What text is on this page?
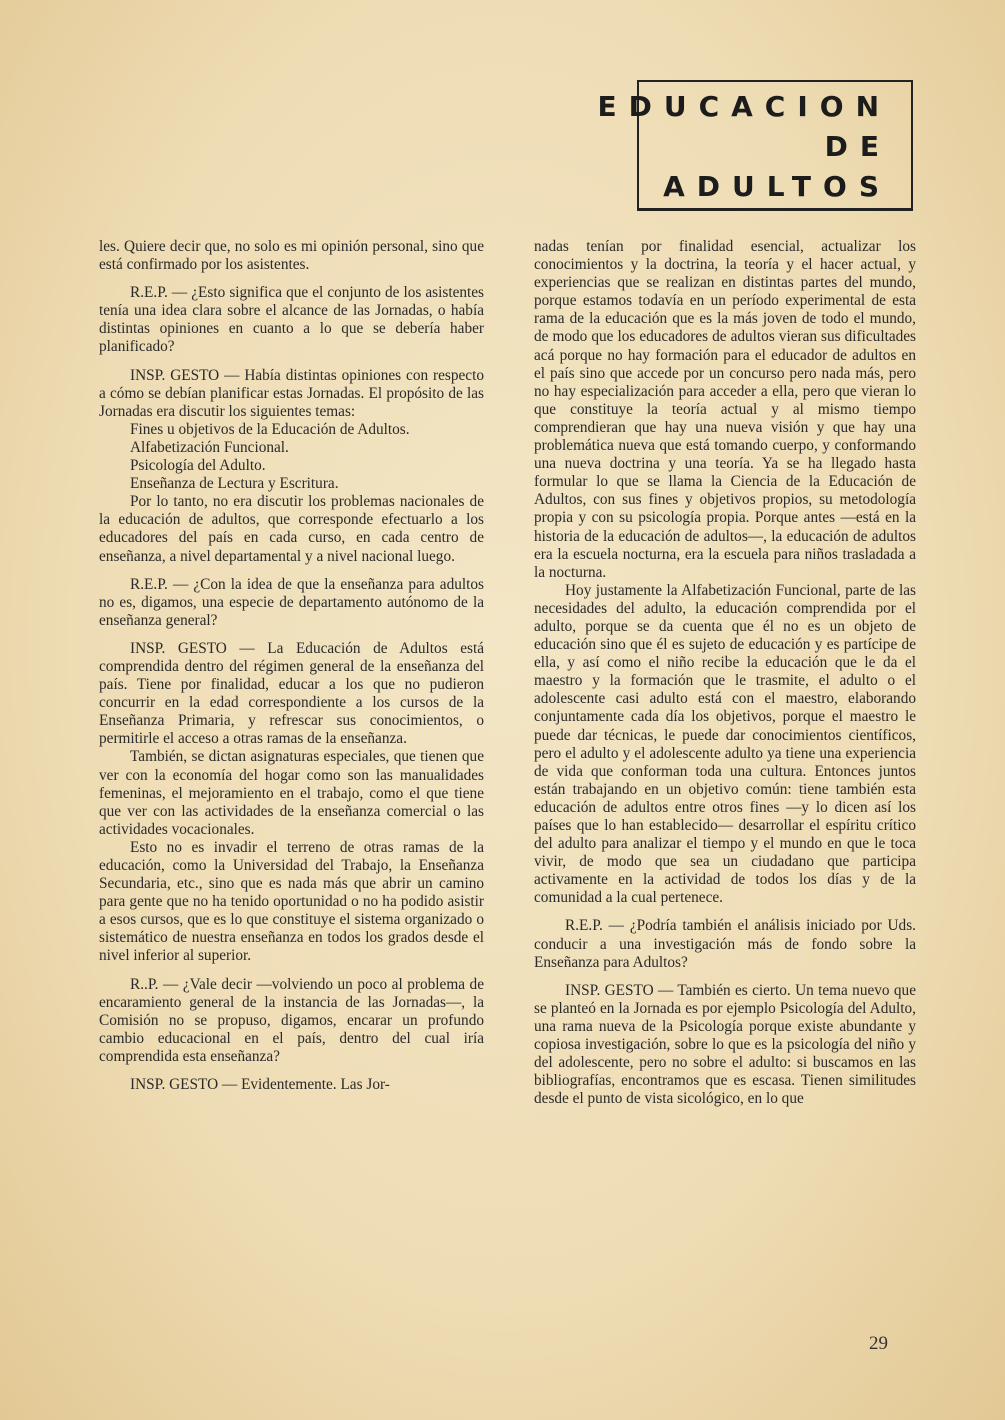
EDUCACION
DE
ADULTOS

les. Quiere decir que, no solo es mi opinión personal, sino que está confirmado por los asistentes.

R.E.P. — ¿Esto significa que el conjunto de los asistentes tenía una idea clara sobre el alcance de las Jornadas, o había distintas opiniones en cuanto a lo que se debería haber planificado?

INSP. GESTO — Había distintas opiniones con respecto a cómo se debían planificar estas Jornadas. El propósito de las Jornadas era discutir los siguientes temas:

Fines u objetivos de la Educación de Adultos.

Alfabetización Funcional.

Psicología del Adulto.

Enseñanza de Lectura y Escritura.

Por lo tanto, no era discutir los problemas nacionales de la educación de adultos, que corresponde efectuarlo a los educadores del país en cada curso, en cada centro de enseñanza, a nivel departamental y a nivel nacional luego.

R.E.P. — ¿Con la idea de que la enseñanza para adultos no es, digamos, una especie de departamento autónomo de la enseñanza general?

INSP. GESTO — La Educación de Adultos está comprendida dentro del régimen general de la enseñanza del país. Tiene por finalidad, educar a los que no pudieron concurrir en la edad correspondiente a los cursos de la Enseñanza Primaria, y refrescar sus conocimientos, o permitirle el acceso a otras ramas de la enseñanza.

También, se dictan asignaturas especiales, que tienen que ver con la economía del hogar como son las manualidades femeninas, el mejoramiento en el trabajo, como el que tiene que ver con las actividades de la enseñanza comercial o las actividades vocacionales.

Esto no es invadir el terreno de otras ramas de la educación, como la Universidad del Trabajo, la Enseñanza Secundaria, etc., sino que es nada más que abrir un camino para gente que no ha tenido oportunidad o no ha podido asistir a esos cursos, que es lo que constituye el sistema organizado o sistemático de nuestra enseñanza en todos los grados desde el nivel inferior al superior.

R..P. — ¿Vale decir —volviendo un poco al problema de encaramiento general de la instancia de las Jornadas—, la Comisión no se propuso, digamos, encarar un profundo cambio educacional en el país, dentro del cual iría comprendida esta enseñanza?

INSP. GESTO — Evidentemente. Las Jor-

nadas tenían por finalidad esencial, actualizar los conocimientos y la doctrina, la teoría y el hacer actual, y experiencias que se realizan en distintas partes del mundo, porque estamos todavía en un período experimental de esta rama de la educación que es la más joven de todo el mundo, de modo que los educadores de adultos vieran sus dificultades acá porque no hay formación para el educador de adultos en el país sino que accede por un concurso pero nada más, pero no hay especialización para acceder a ella, pero que vieran lo que constituye la teoría actual y al mismo tiempo comprendieran que hay una nueva visión y que hay una problemática nueva que está tomando cuerpo, y conformando una nueva doctrina y una teoría. Ya se ha llegado hasta formular lo que se llama la Ciencia de la Educación de Adultos, con sus fines y objetivos propios, su metodología propia y con su psicología propia. Porque antes —está en la historia de la educación de adultos—, la educación de adultos era la escuela nocturna, era la escuela para niños trasladada a la nocturna.

Hoy justamente la Alfabetización Funcional, parte de las necesidades del adulto, la educación comprendida por el adulto, porque se da cuenta que él no es un objeto de educación sino que él es sujeto de educación y es partícipe de ella, y así como el niño recibe la educación que le da el maestro y la formación que le trasmite, el adulto o el adolescente casi adulto está con el maestro, elaborando conjuntamente cada día los objetivos, porque el maestro le puede dar técnicas, le puede dar conocimientos científicos, pero el adulto y el adolescente adulto ya tiene una experiencia de vida que conforman toda una cultura. Entonces juntos están trabajando en un objetivo común: tiene también esta educación de adultos entre otros fines —y lo dicen así los países que lo han establecido— desarrollar el espíritu crítico del adulto para analizar el tiempo y el mundo en que le toca vivir, de modo que sea un ciudadano que participa activamente en la actividad de todos los días y de la comunidad a la cual pertenece.

R.E.P. — ¿Podría también el análisis iniciado por Uds. conducir a una investigación más de fondo sobre la Enseñanza para Adultos?

INSP. GESTO — También es cierto. Un tema nuevo que se planteó en la Jornada es por ejemplo Psicología del Adulto, una rama nueva de la Psicología porque existe abundante y copiosa investigación, sobre lo que es la psicología del niño y del adolescente, pero no sobre el adulto: si buscamos en las bibliografías, encontramos que es escasa. Tienen similitudes desde el punto de vista sicológico, en lo que

29
